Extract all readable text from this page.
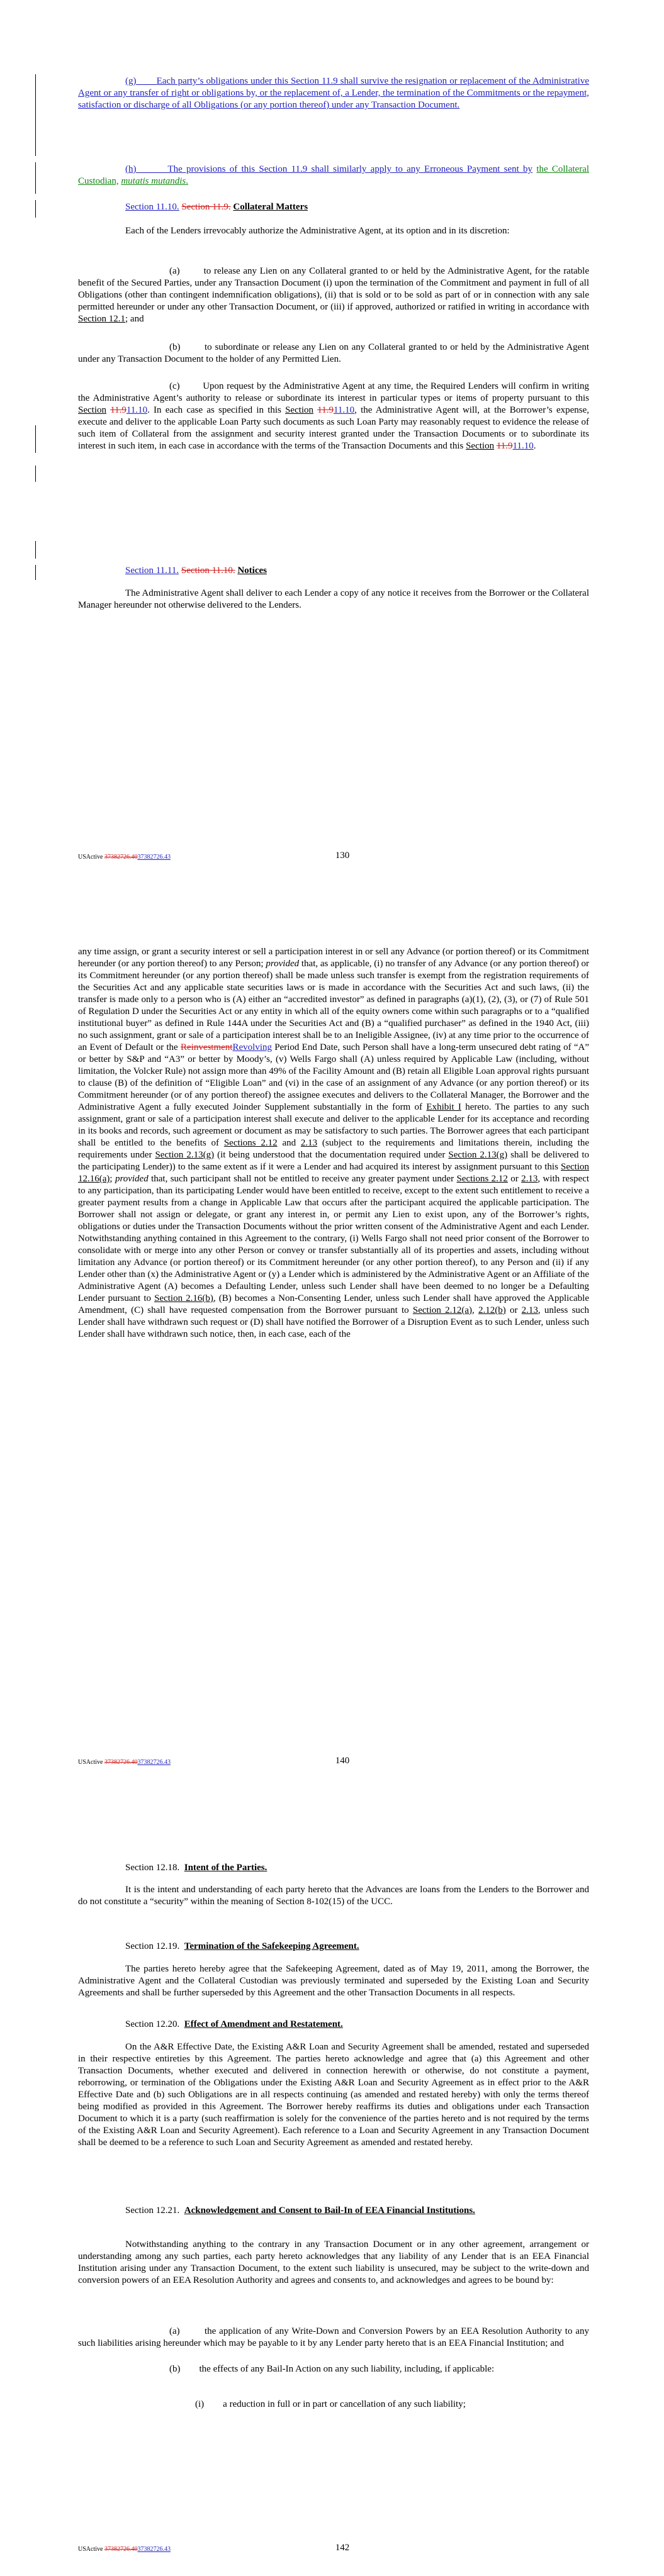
(g) Each party’s obligations under this Section 11.9 shall survive the resignation or replacement of the Administrative Agent or any transfer of right or obligations by, or the replacement of, a Lender, the termination of the Commitments or the repayment, satisfaction or discharge of all Obligations (or any portion thereof) under any Transaction Document.

(h)	The provisions of this Section 11.9 shall similarly apply to any Erroneous Payment sent by the Collateral Custodian, mutatis mutandis.

Section 11.10. Section 11.9. Collateral Matters

Each of the Lenders irrevocably authorize the Administrative Agent, at its option and in its discretion:

(a)	to release any Lien on any Collateral granted to or held by the Administrative Agent, for the ratable benefit of the Secured Parties, under any Transaction Document (i) upon the termination of the Commitment and payment in full of all Obligations (other than contingent indemnification obligations), (ii) that is sold or to be sold as part of or in connection with any sale permitted hereunder or under any other Transaction Document, or (iii) if approved, authorized or ratified in writing in accordance with Section 12.1; and

(b)	to subordinate or release any Lien on any Collateral granted to or held by the Administrative Agent under any Transaction Document to the holder of any Permitted Lien.

(c) Upon request by the Administrative Agent at any time, the Required Lenders will confirm in writing the Administrative Agent’s authority to release or subordinate its interest in particular types or items of property pursuant to this Section 11.911.10. In each case as specified in this Section 11.911.10, the Administrative Agent will, at the Borrower’s expense, execute and deliver to the applicable Loan Party such documents as such Loan Party may reasonably request to evidence the release of such item of Collateral from the assignment and security interest granted under the Transaction Documents or to subordinate its interest in such item, in each case in accordance with the terms of the Transaction Documents and this Section 11.911.10.

Section 11.11. Section 11.10. Notices

The Administrative Agent shall deliver to each Lender a copy of any notice it receives from the Borrower or the Collateral Manager hereunder not otherwise delivered to the Lenders.

USActive 37382726.4037382726.43	130

any time assign, or grant a security interest or sell a participation interest in or sell any Advance (or portion thereof) or its Commitment hereunder (or any portion thereof) to any Person; provided that, as applicable, (i) no transfer of any Advance (or any portion thereof) or its Commitment hereunder (or any portion thereof) shall be made unless such transfer is exempt from the registration requirements of the Securities Act and any applicable state securities laws or is made in accordance with the Securities Act and such laws, (ii) the transfer is made only to a person who is (A) either an “accredited investor” as defined in paragraphs (a)(1), (2), (3), or (7) of Rule 501 of Regulation D under the Securities Act or any entity in which all of the equity owners come within such paragraphs or to a “qualified institutional buyer” as defined in Rule 144A under the Securities Act and (B) a “qualified purchaser” as defined in the 1940 Act, (iii) no such assignment, grant or sale of a participation interest shall be to an Ineligible Assignee, (iv) at any time prior to the occurrence of an Event of Default or the ReinvestmentRevolving Period End Date, such Person shall have a long-term unsecured debt rating of “A” or better by S&P and “A3” or better by Moody’s, (v) Wells Fargo shall (A) unless required by Applicable Law (including, without limitation, the Volcker Rule) not assign more than 49% of the Facility Amount and (B) retain all Eligible Loan approval rights pursuant to clause (B) of the definition of “Eligible Loan” and (vi) in the case of an assignment of any Advance (or any portion thereof) or its Commitment hereunder (or of any portion thereof) the assignee executes and delivers to the Collateral Manager, the Borrower and the Administrative Agent a fully executed Joinder Supplement substantially in the form of Exhibit I hereto. The parties to any such assignment, grant or sale of a participation interest shall execute and deliver to the applicable Lender for its acceptance and recording in its books and records, such agreement or document as may be satisfactory to such parties. The Borrower agrees that each participant shall be entitled to the benefits of Sections 2.12 and 2.13 (subject to the requirements and limitations therein, including the requirements under Section 2.13(g) (it being understood that the documentation required under Section 2.13(g) shall be delivered to the participating Lender)) to the same extent as if it were a Lender and had acquired its interest by assignment pursuant to this Section 12.16(a); provided that, such participant shall not be entitled to receive any greater payment under Sections 2.12 or 2.13, with respect to any participation, than its participating Lender would have been entitled to receive, except to the extent such entitlement to receive a greater payment results from a change in Applicable Law that occurs after the participant acquired the applicable participation. The Borrower shall not assign or delegate, or grant any interest in, or permit any Lien to exist upon, any of the Borrower’s rights, obligations or duties under the Transaction Documents without the prior written consent of the Administrative Agent and each Lender. Notwithstanding anything contained in this Agreement to the contrary, (i) Wells Fargo shall not need prior consent of the Borrower to consolidate with or merge into any other Person or convey or transfer substantially all of its properties and assets, including without limitation any Advance (or portion thereof) or its Commitment hereunder (or any other portion thereof), to any Person and (ii) if any Lender other than (x) the Administrative Agent or (y) a Lender which is administered by the Administrative Agent or an Affiliate of the Administrative Agent (A) becomes a Defaulting Lender, unless such Lender shall have been deemed to no longer be a Defaulting Lender pursuant to Section 2.16(b), (B) becomes a Non-Consenting Lender, unless such Lender shall have approved the Applicable Amendment, (C) shall have requested compensation from the Borrower pursuant to Section 2.12(a), 2.12(b) or 2.13, unless such Lender shall have withdrawn such request or (D) shall have notified the Borrower of a Disruption Event as to such Lender, unless such Lender shall have withdrawn such notice, then, in each case, each of the

USActive 37382726.4037382726.43	140

Section 12.18. Intent of the Parties.

It is the intent and understanding of each party hereto that the Advances are loans from the Lenders to the Borrower and do not constitute a “security” within the meaning of Section 8-102(15) of the UCC.

Section 12.19. Termination of the Safekeeping Agreement.

The parties hereto hereby agree that the Safekeeping Agreement, dated as of May 19, 2011, among the Borrower, the Administrative Agent and the Collateral Custodian was previously terminated and superseded by the Existing Loan and Security Agreements and shall be further superseded by this Agreement and the other Transaction Documents in all respects.

Section 12.20. Effect of Amendment and Restatement.

On the A&R Effective Date, the Existing A&R Loan and Security Agreement shall be amended, restated and superseded in their respective entireties by this Agreement. The parties hereto acknowledge and agree that (a) this Agreement and other Transaction Documents, whether executed and delivered in connection herewith or otherwise, do not constitute a payment, reborrowing, or termination of the Obligations under the Existing A&R Loan and Security Agreement as in effect prior to the A&R Effective Date and (b) such Obligations are in all respects continuing (as amended and restated hereby) with only the terms thereof being modified as provided in this Agreement. The Borrower hereby reaffirms its duties and obligations under each Transaction Document to which it is a party (such reaffirmation is solely for the convenience of the parties hereto and is not required by the terms of the Existing A&R Loan and Security Agreement). Each reference to a Loan and Security Agreement in any Transaction Document shall be deemed to be a reference to such Loan and Security Agreement as amended and restated hereby.

Section 12.21. Acknowledgement and Consent to Bail-In of EEA Financial Institutions.

Notwithstanding anything to the contrary in any Transaction Document or in any other agreement, arrangement or understanding among any such parties, each party hereto acknowledges that any liability of any Lender that is an EEA Financial Institution arising under any Transaction Document, to the extent such liability is unsecured, may be subject to the write-down and conversion powers of an EEA Resolution Authority and agrees and consents to, and acknowledges and agrees to be bound by:

(a)	the application of any Write-Down and Conversion Powers by an EEA Resolution Authority to any such liabilities arising hereunder which may be payable to it by any Lender party hereto that is an EEA Financial Institution; and

(b) the effects of any Bail-In Action on any such liability, including, if applicable:

(i) a reduction in full or in part or cancellation of any such liability;

USActive 37382726.4037382726.43	142
